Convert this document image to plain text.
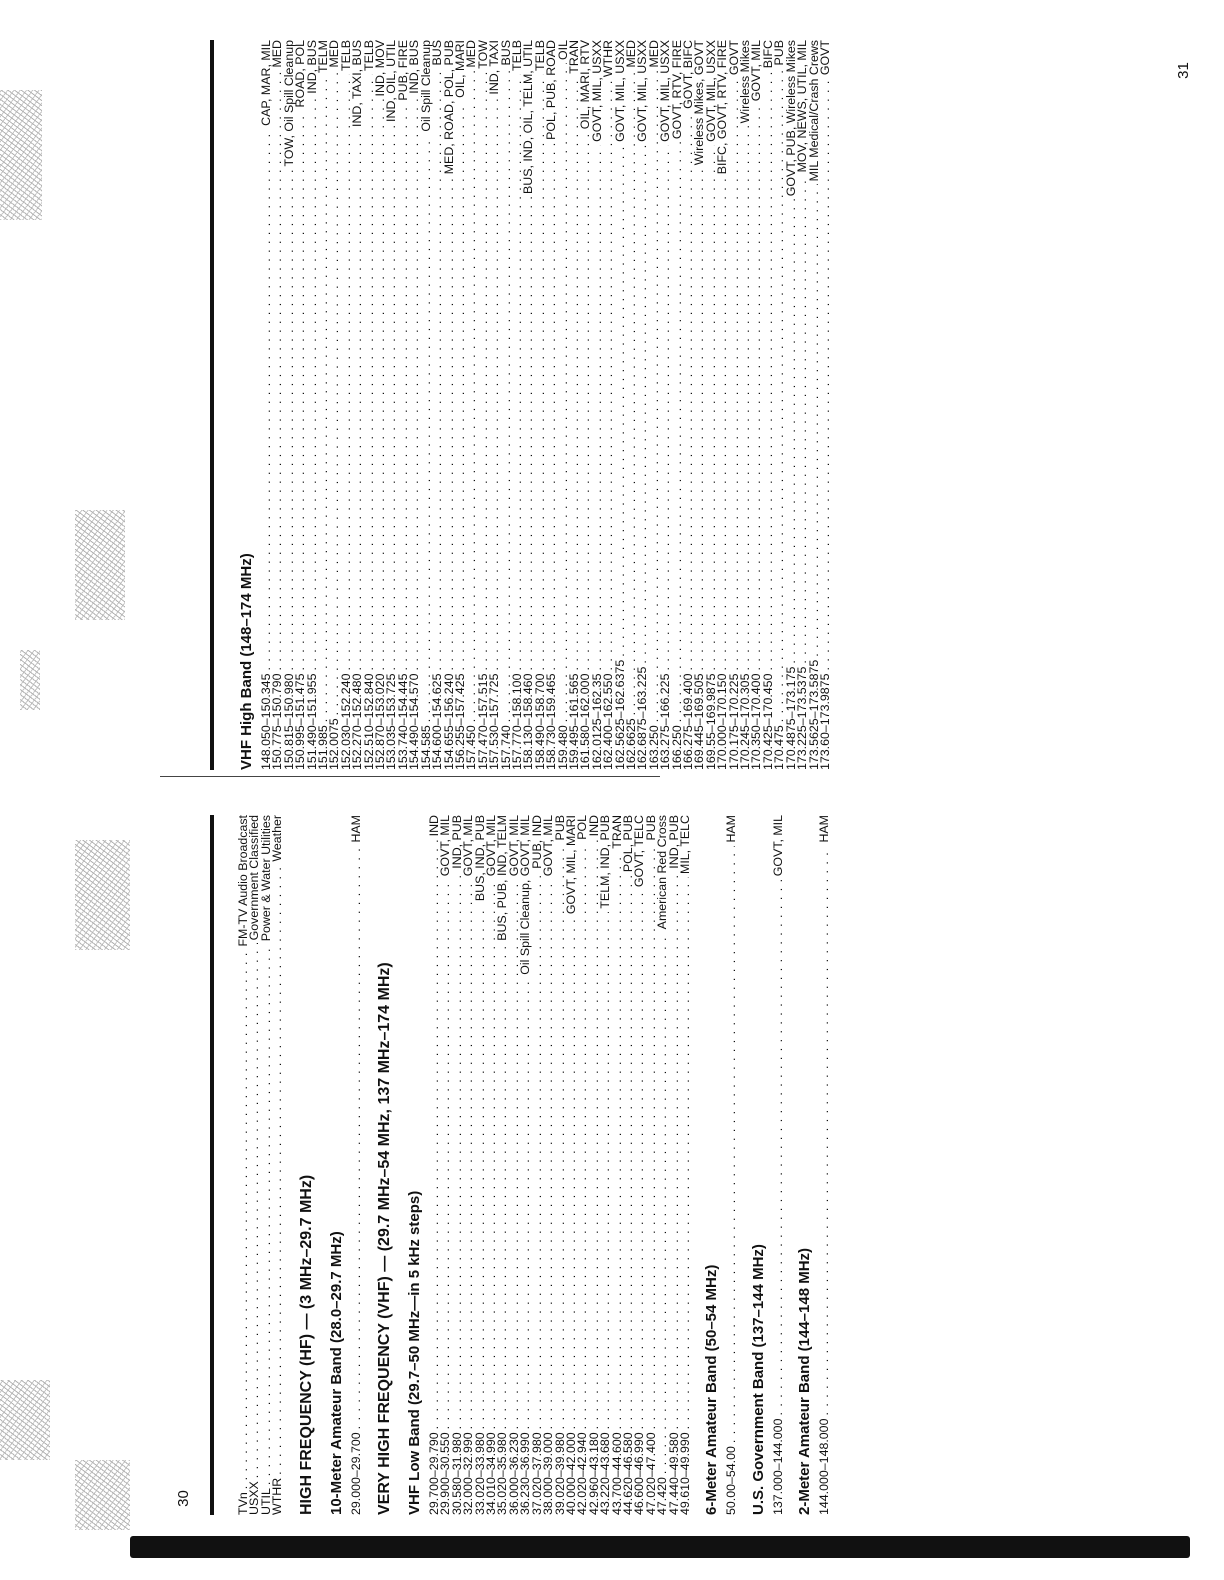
30
31
TVn
. . .
FM-TV Audio Broadcast
USXX
. . .
Government Classified
UTIL
. . .
Power & Water Utilities
WTHR
. . .
Weather
HIGH FREQUENCY (HF) — (3 MHz–29.7 MHz) 10-Meter Amateur Band (28.0–29.7 MHz) 29.000–29.700
. . .
HAM
VERY HIGH FREQUENCY (VHF) — (29.7 MHz–54 MHz, 137 MHz–174 MHz) VHF Low Band (29.7–50 MHz—in 5 kHz steps) 29.700–29.790
. . .
IND
29.900–30.550
. . .
GOVT, MIL
30.580–31.980
. . .
IND, PUB
32.000–32.990
. . .
GOVT, MIL
33.020–33.980
. . .
BUS, IND, PUB
34.010–34.990
. . .
GOVT, MIL
35.020–35.980
. . .
BUS, PUB, IND, TELM
36.000–36.230
. . .
GOVT, MIL
36.230–36.990
. . .
Oil Spill Cleanup, GOVT, MIL
37.020–37.980
. . .
PUB, IND
38.000–39.000
. . .
GOVT, MIL
39.020–39.980
. . .
PUB
40.000–42.000
. . .
GOVT, MIL, MARI
42.020–42.940
. . .
POL
42.960–43.180
. . .
IND
43.220–43.680
. . .
TELM, IND, PUB
43.700–44.600
. . .
TRAN
44.620–46.580
. . .
POL, PUB
46.600–46.990
. . .
GOVT, TELC
47.020–47.400
. . .
PUB
47.420
. . .
American Red Cross
47.440–49.580
. . .
IND, PUB
49.610–49.990
. . .
MIL, TELC
6-Meter Amateur Band (50–54 MHz) 50.00–54.00
. . .
HAM
U.S. Government Band (137–144 MHz) 137.000–144.000
. . .
GOVT, MIL
2-Meter Amateur Band (144–148 MHz) 144.000–148.000
. . .
HAM
VHF High Band (148–174 MHz) 148.050–150.345
. . .
CAP, MAR, MIL
150.775–150.790
. . .
MED
150.815–150.980
. . .
TOW, Oil Spill Cleanup
150.995–151.475
. . .
ROAD, POL
151.490–151.955
. . .
IND, BUS
151.985
. . .
TELM
152.0075
. . .
MED
152.030–152.240
. . .
TELB
152.270–152.480
. . .
IND, TAXI, BUS
152.510–152.840
. . .
TELB
152.870–153.020
. . .
IND, MOV
153.035–153.725
. . .
IND, OIL, UTIL
153.740–154.445
. . .
PUB, FIRE
154.490–154.570
. . .
IND, BUS
154.585
. . .
Oil Spill Cleanup
154.600–154.625
. . .
BUS
154.655–156.240
. . .
MED, ROAD, POL, PUB
156.255–157.425
. . .
OIL, MARI
157.450
. . .
MED
157.470–157.515
. . .
TOW
157.530–157.725
. . .
IND, TAXI
157.740
. . .
BUS
157.770–158.100
. . .
TELB
158.130–158.460
. . .
BUS, IND, OIL, TELM, UTIL
158.490–158.700
. . .
TELB
158.730–159.465
. . .
POL, PUB, ROAD
159.480
. . .
OIL
159.495–161.565
. . .
TRAN
161.580–162.000
. . .
OIL, MARI, RTV
162.0125–162.35
. . .
GOVT, MIL, USXX
162.400–162.550
. . .
WTHR
162.5625–162.6375
. . .
GOVT, MIL, USXX
162.6625
. . .
MED
162.6875–163.225
. . .
GOVT, MIL, USXX
163.250
. . .
MED
163.275–166.225
. . .
GOVT, MIL, USXX
166.250
. . .
GOVT, RTV, FIRE
166.275–169.400
. . .
GOVT, BIFC
169.445–169.505
. . .
Wireless Mikes, GOVT
169.55–169.9875
. . .
GOVT, MIL, USXX
170.000–170.150
. . .
BIFC, GOVT, RTV, FIRE
170.175–170.225
. . .
GOVT
170.245–170.305
. . .
Wireless Mikes
170.350–170.400
. . .
GOVT, MIL
170.425–170.450
. . .
BIFC
170.475
. . .
PUB
170.4875–173.175
. . .
GOVT, PUB, Wireless Mikes
173.225–173.5375
. . .
MOV, NEWS, UTIL, MIL
173.5625–173.5875
. . .
MIL Medical/Crash Crews
173.60–173.9875
. . .
GOVT
